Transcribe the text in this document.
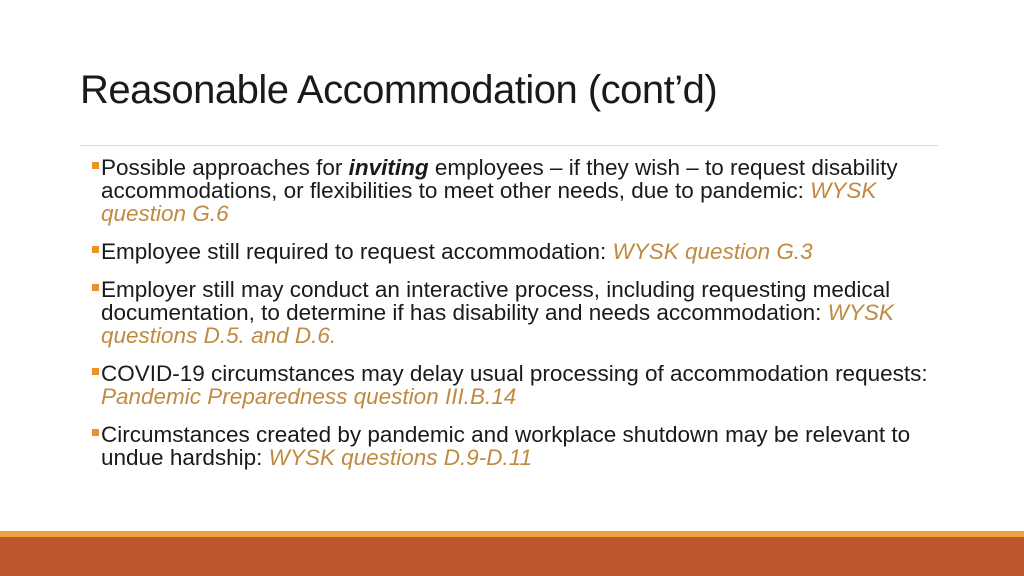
Reasonable Accommodation (cont’d)
Possible approaches for inviting employees – if they wish – to request disability accommodations, or flexibilities to meet other needs, due to pandemic: WYSK question G.6
Employee still required to request accommodation: WYSK question G.3
Employer still may conduct an interactive process, including requesting medical documentation, to determine if has disability and needs accommodation: WYSK questions D.5. and D.6.
COVID-19 circumstances may delay usual processing of accommodation requests: Pandemic Preparedness question III.B.14
Circumstances created by pandemic and workplace shutdown may be relevant to undue hardship: WYSK questions D.9-D.11
